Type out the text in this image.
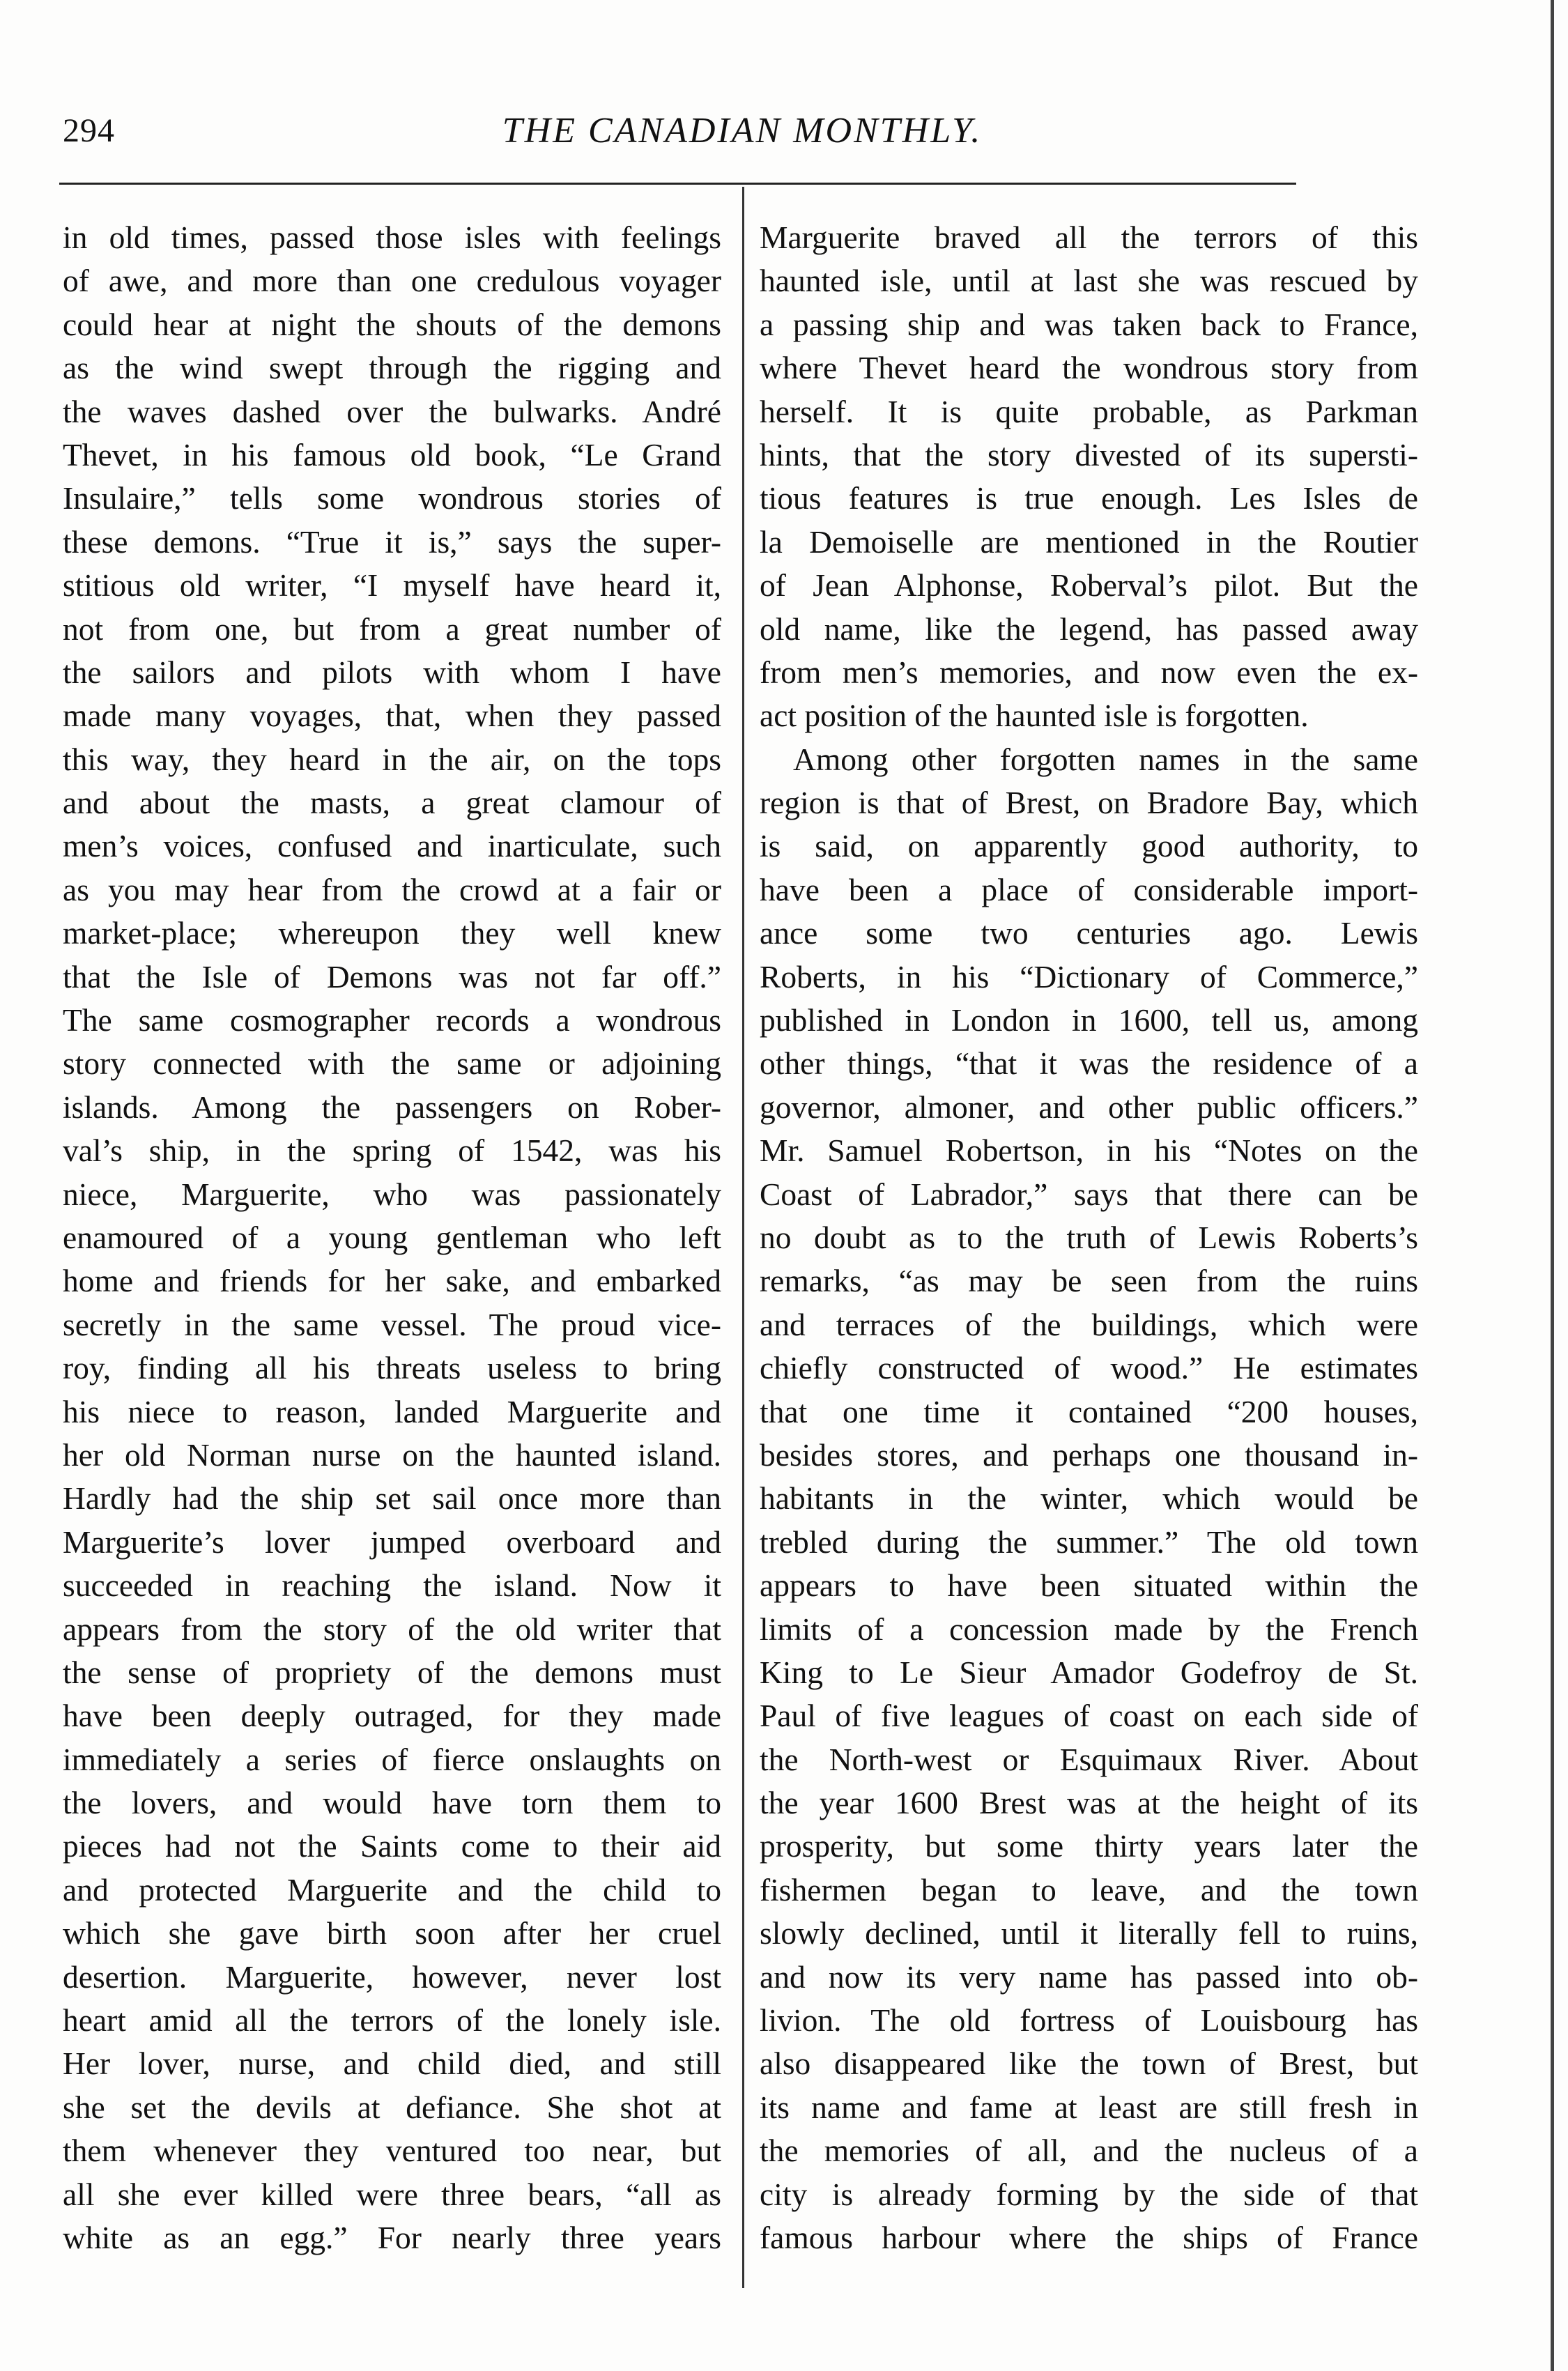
294	THE CANADIAN MONTHLY.
in old times, passed those isles with feelings
of awe, and more than one credulous voyager
could hear at night the shouts of the demons
as the wind swept through the rigging and
the waves dashed over the bulwarks. André
Thevet, in his famous old book, “Le Grand
Insulaire,” tells some wondrous stories of
these demons. “True it is,” says the super-
stitious old writer, “I myself have heard it,
not from one, but from a great number of
the sailors and pilots with whom I have
made many voyages, that, when they passed
this way, they heard in the air, on the tops
and about the masts, a great clamour of
men’s voices, confused and inarticulate, such
as you may hear from the crowd at a fair or
market-place; whereupon they well knew
that the Isle of Demons was not far off.”
The same cosmographer records a wondrous
story connected with the same or adjoining
islands. Among the passengers on Rober-
val’s ship, in the spring of 1542, was his
niece, Marguerite, who was passionately
enamoured of a young gentleman who left
home and friends for her sake, and embarked
secretly in the same vessel. The proud vice-
roy, finding all his threats useless to bring
his niece to reason, landed Marguerite and
her old Norman nurse on the haunted island.
Hardly had the ship set sail once more than
Marguerite’s lover jumped overboard and
succeeded in reaching the island. Now it
appears from the story of the old writer that
the sense of propriety of the demons must
have been deeply outraged, for they made
immediately a series of fierce onslaughts on
the lovers, and would have torn them to
pieces had not the Saints come to their aid
and protected Marguerite and the child to
which she gave birth soon after her cruel
desertion. Marguerite, however, never lost
heart amid all the terrors of the lonely isle.
Her lover, nurse, and child died, and still
she set the devils at defiance. She shot at
them whenever they ventured too near, but
all she ever killed were three bears, “all as
white as an egg.” For nearly three years
Marguerite braved all the terrors of this
haunted isle, until at last she was rescued by
a passing ship and was taken back to France,
where Thevet heard the wondrous story from
herself. It is quite probable, as Parkman
hints, that the story divested of its supersti-
tious features is true enough. Les Isles de
la Demoiselle are mentioned in the Routier
of Jean Alphonse, Roberval’s pilot. But the
old name, like the legend, has passed away
from men’s memories, and now even the ex-
act position of the haunted isle is forgotten.
Among other forgotten names in the same
region is that of Brest, on Bradore Bay, which
is said, on apparently good authority, to
have been a place of considerable import-
ance some two centuries ago. Lewis
Roberts, in his “Dictionary of Commerce,”
published in London in 1600, tell us, among
other things, “that it was the residence of a
governor, almoner, and other public officers.”
Mr. Samuel Robertson, in his “Notes on the
Coast of Labrador,” says that there can be
no doubt as to the truth of Lewis Roberts’s
remarks, “as may be seen from the ruins
and terraces of the buildings, which were
chiefly constructed of wood.” He estimates
that one time it contained “200 houses,
besides stores, and perhaps one thousand in-
habitants in the winter, which would be
trebled during the summer.” The old town
appears to have been situated within the
limits of a concession made by the French
King to Le Sieur Amador Godefroy de St.
Paul of five leagues of coast on each side of
the North-west or Esquimaux River. About
the year 1600 Brest was at the height of its
prosperity, but some thirty years later the
fishermen began to leave, and the town
slowly declined, until it literally fell to ruins,
and now its very name has passed into ob-
livion. The old fortress of Louisbourg has
also disappeared like the town of Brest, but
its name and fame at least are still fresh in
the memories of all, and the nucleus of a
city is already forming by the side of that
famous harbour where the ships of France
